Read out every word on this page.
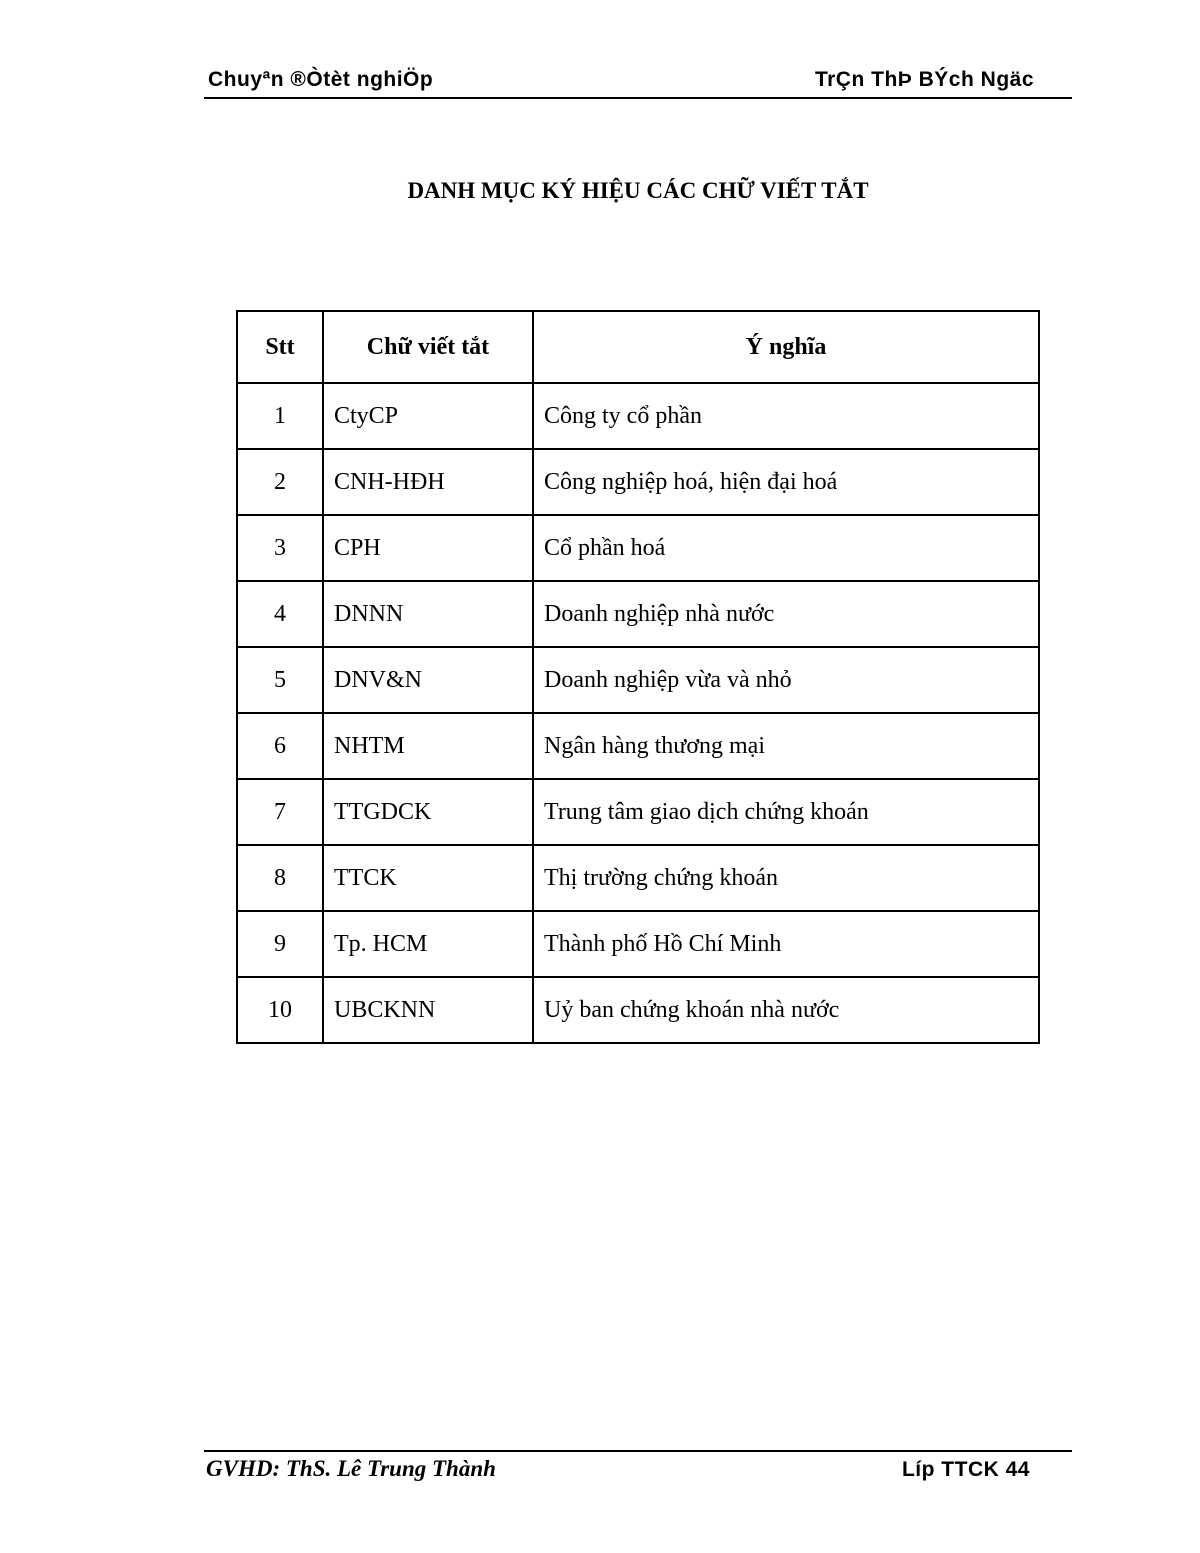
Chuyªn ®Òtèt nghiÖp	TrÇn ThÞ BÝch Ngäc
DANH MỤC KÝ HIỆU CÁC CHỮ VIẾT TẮT
Stt	Chữ viết tắt	Ý nghĩa
1	CtyCP	Công ty cổ phần
2	CNH-HĐH	Công nghiệp hoá, hiện đại hoá
3	CPH	Cổ phần hoá
4	DNNN	Doanh nghiệp nhà nước
5	DNV&N	Doanh nghiệp vừa và nhỏ
6	NHTM	Ngân hàng thương mại
7	TTGDCK	Trung tâm giao dịch chứng khoán
8	TTCK	Thị trường chứng khoán
9	Tp. HCM	Thành phố Hồ Chí Minh
10	UBCKNN	Uỷ ban chứng khoán nhà nước
GVHD: ThS. Lê Trung Thành	Líp TTCK 44
